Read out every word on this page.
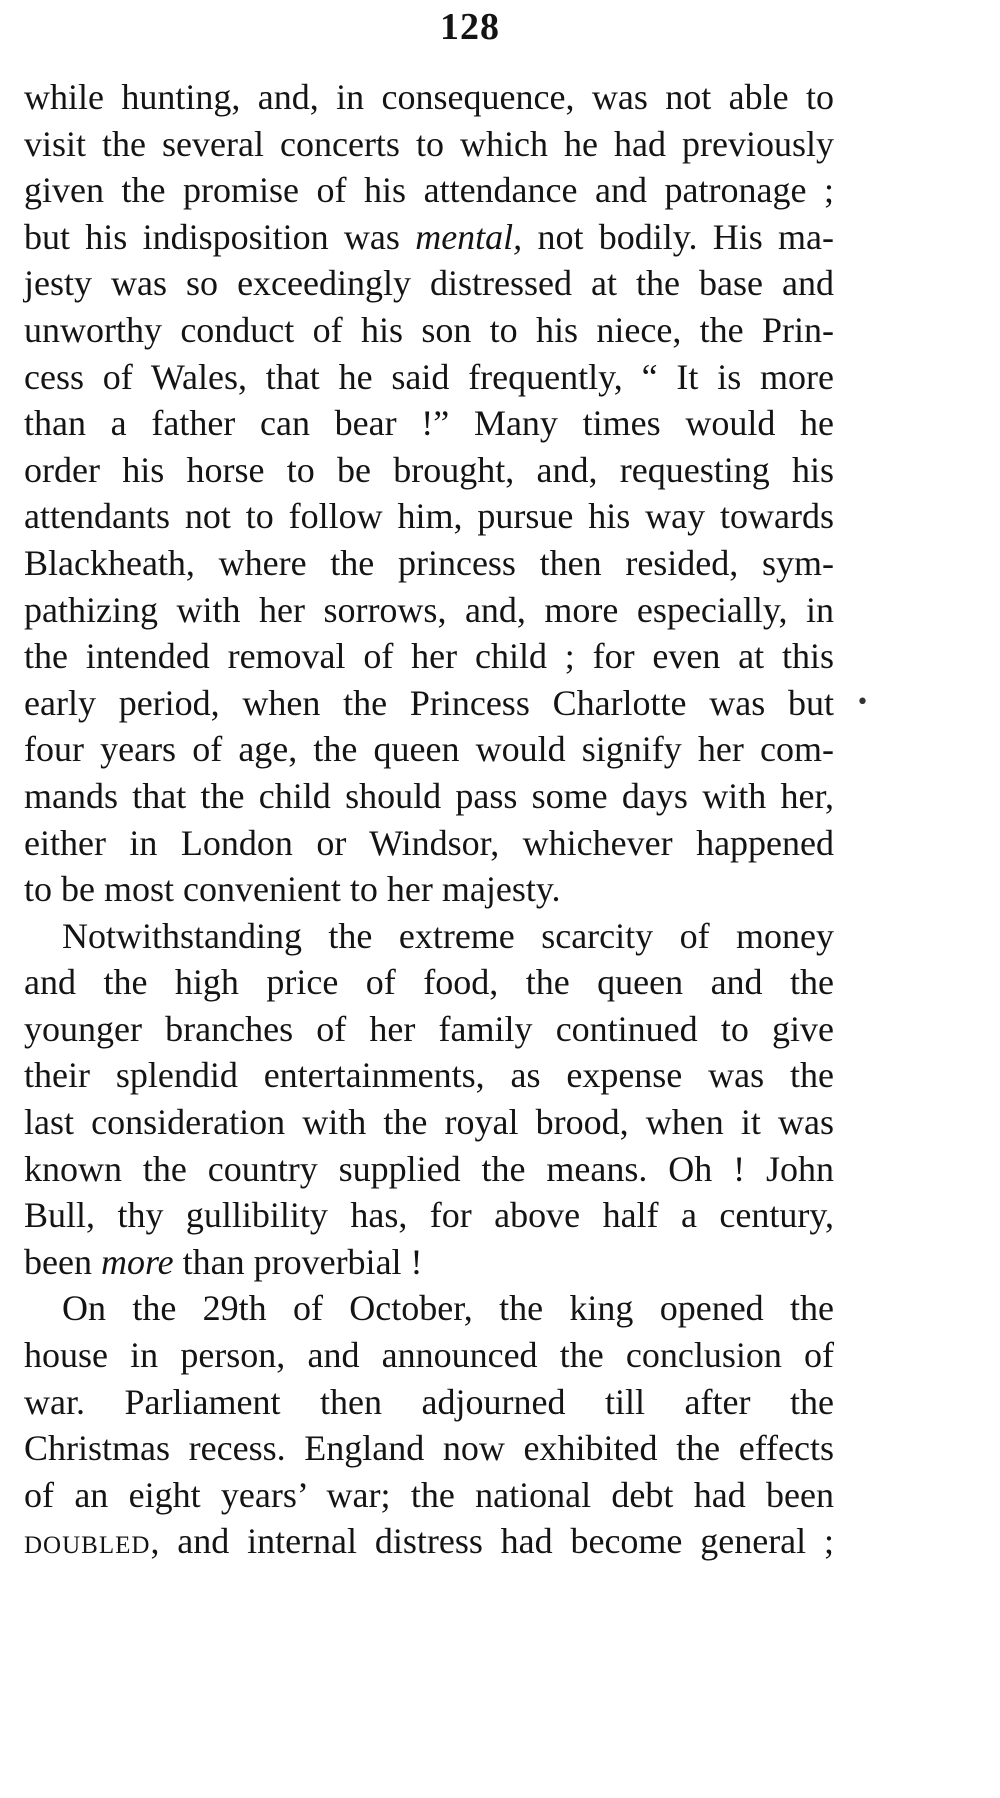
128
while hunting, and, in consequence, was not able to
visit the several concerts to which he had previously
given the promise of his attendance and patronage ;
but his indisposition was mental, not bodily. His ma-
jesty was so exceedingly distressed at the base and
unworthy conduct of his son to his niece, the Prin-
cess of Wales, that he said frequently, “ It is more
than a father can bear !” Many times would he
order his horse to be brought, and, requesting his
attendants not to follow him, pursue his way towards
Blackheath, where the princess then resided, sym-
pathizing with her sorrows, and, more especially, in
the intended removal of her child ; for even at this
early period, when the Princess Charlotte was but
four years of age, the queen would signify her com-
mands that the child should pass some days with her,
either in London or Windsor, whichever happened
to be most convenient to her majesty.
Notwithstanding the extreme scarcity of money
and the high price of food, the queen and the
younger branches of her family continued to give
their splendid entertainments, as expense was the
last consideration with the royal brood, when it was
known the country supplied the means. Oh ! John
Bull, thy gullibility has, for above half a century,
been more than proverbial !
On the 29th of October, the king opened the
house in person, and announced the conclusion of
war. Parliament then adjourned till after the
Christmas recess. England now exhibited the effects
of an eight years’ war; the national debt had been
doubled, and internal distress had become general ;
•
